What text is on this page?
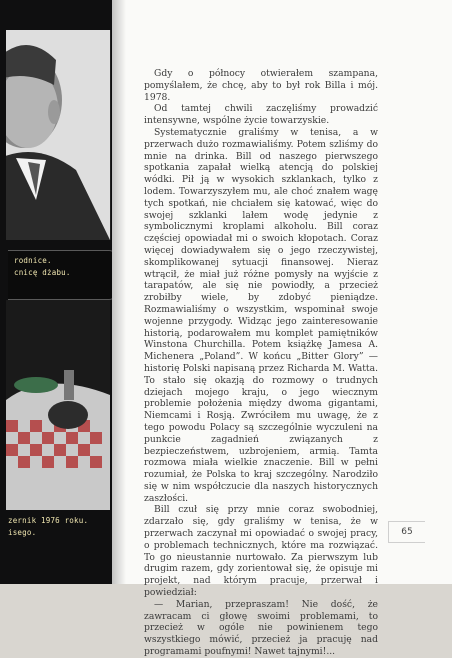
rodnice.
cnicę dżabu.
zernik 1976 roku.
isego.

Gdy o północy otwierałem szampana, pomyślałem, że chcę, aby to był rok Billa i mój. 1978.

Od tamtej chwili zaczęliśmy prowadzić intensywne, wspólne życie towarzyskie.

Systematycznie graliśmy w tenisa, a w przerwach dużo rozmawialiśmy. Potem szliśmy do mnie na drinka. Bill od naszego pierwszego spotkania zapałał wielką atencją do polskiej wódki. Pił ją w wysokich szklankach, tylko z lodem. Towarzyszyłem mu, ale choć znałem wagę tych spotkań, nie chciałem się katować, więc do swojej szklanki lałem wodę jedynie z symbolicznymi kroplami alkoholu. Bill coraz częściej opowiadał mi o swoich kłopotach. Coraz więcej dowiadywałem się o jego rzeczywistej, skomplikowanej sytuacji finansowej. Nieraz wtrącił, że miał już różne pomysły na wyjście z tarapatów, ale się nie powiodły, a przecież zrobiłby wiele, by zdobyć pieniądze. Rozmawialiśmy o wszystkim, wspominał swoje wojenne przygody. Widząc jego zainteresowanie historią, podarowałem mu komplet pamiętników Winstona Churchilla. Potem książkę Jamesa A. Michenera „Poland”. W końcu „Bitter Glory” — historię Polski napisaną przez Richarda M. Watta. To stało się okazją do rozmowy o trudnych dziejach mojego kraju, o jego wiecznym problemie położenia między dwoma gigantami, Niemcami i Rosją. Zwróciłem mu uwagę, że z tego powodu Polacy są szczególnie wyczuleni na punkcie zagadnień związanych z bezpieczeństwem, uzbrojeniem, armią. Tamta rozmowa miała wielkie znaczenie. Bill w pełni rozumiał, że Polska to kraj szczególny. Narodziło się w nim współczucie dla naszych historycznych zaszłości.

Bill czuł się przy mnie coraz swobodniej, zdarzało się, gdy graliśmy w tenisa, że w przerwach zaczynał mi opowiadać o swojej pracy, o problemach technicznych, które ma rozwiązać. To go nieustannie nurtowało. Za pierwszym lub drugim razem, gdy zorientował się, że opisuje mi projekt, nad którym pracuje, przerwał i powiedział:

— Marian, przepraszam! Nie dość, że zawracam ci głowę swoimi problemami, to przecież w ogóle nie powinienem tego wszystkiego mówić, przecież ja pracuję nad programami poufnymi! Nawet tajnymi!...

65
